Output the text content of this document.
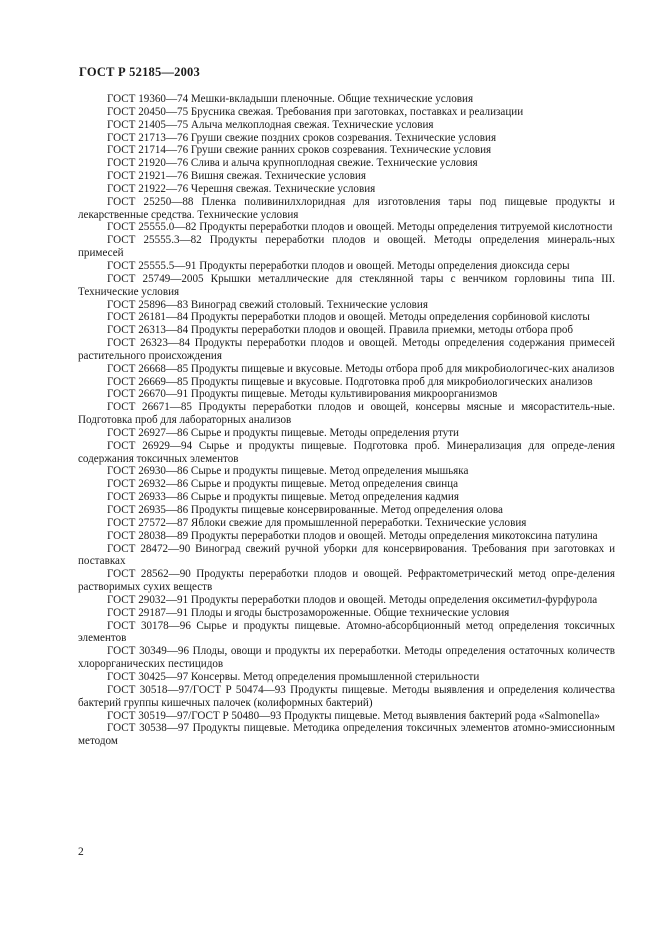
ГОСТ Р 52185—2003

ГОСТ 19360—74 Мешки-вкладыши пленочные. Общие технические условия

ГОСТ 20450—75 Брусника свежая. Требования при заготовках, поставках и реализации

ГОСТ 21405—75 Алыча мелкоплодная свежая. Технические условия

ГОСТ 21713—76 Груши свежие поздних сроков созревания. Технические условия

ГОСТ 21714—76 Груши свежие ранних сроков созревания. Технические условия

ГОСТ 21920—76 Слива и алыча крупноплодная свежие. Технические условия

ГОСТ 21921—76 Вишня свежая. Технические условия

ГОСТ 21922—76 Черешня свежая. Технические условия

ГОСТ 25250—88 Пленка поливинилхлоридная для изготовления тары под пищевые продукты и лекарственные средства. Технические условия

ГОСТ 25555.0—82 Продукты переработки плодов и овощей. Методы определения титруемой кислотности

ГОСТ 25555.3—82 Продукты переработки плодов и овощей. Методы определения минераль-ных примесей

ГОСТ 25555.5—91 Продукты переработки плодов и овощей. Методы определения диоксида серы

ГОСТ 25749—2005 Крышки металлические для стеклянной тары с венчиком горловины типа III. Технические условия

ГОСТ 25896—83 Виноград свежий столовый. Технические условия

ГОСТ 26181—84 Продукты переработки плодов и овощей. Методы определения сорбиновой кислоты

ГОСТ 26313—84 Продукты переработки плодов и овощей. Правила приемки, методы отбора проб

ГОСТ 26323—84 Продукты переработки плодов и овощей. Методы определения содержания примесей растительного происхождения

ГОСТ 26668—85 Продукты пищевые и вкусовые. Методы отбора проб для микробиологичес-ких анализов

ГОСТ 26669—85 Продукты пищевые и вкусовые. Подготовка проб для микробиологических анализов

ГОСТ 26670—91 Продукты пищевые. Методы культивирования микроорганизмов

ГОСТ 26671—85 Продукты переработки плодов и овощей, консервы мясные и мясораститель-ные. Подготовка проб для лабораторных анализов

ГОСТ 26927—86 Сырье и продукты пищевые. Методы определения ртути

ГОСТ 26929—94 Сырье и продукты пищевые. Подготовка проб. Минерализация для опреде-ления содержания токсичных элементов

ГОСТ 26930—86 Сырье и продукты пищевые. Метод определения мышьяка

ГОСТ 26932—86 Сырье и продукты пищевые. Метод определения свинца

ГОСТ 26933—86 Сырье и продукты пищевые. Метод определения кадмия

ГОСТ 26935—86 Продукты пищевые консервированные. Метод определения олова

ГОСТ 27572—87 Яблоки свежие для промышленной переработки. Технические условия

ГОСТ 28038—89 Продукты переработки плодов и овощей. Методы определения микотоксина патулина

ГОСТ 28472—90 Виноград свежий ручной уборки для консервирования. Требования при заготовках и поставках

ГОСТ 28562—90 Продукты переработки плодов и овощей. Рефрактометрический метод опре-деления растворимых сухих веществ

ГОСТ 29032—91 Продукты переработки плодов и овощей. Методы определения оксиметил-фурфурола

ГОСТ 29187—91 Плоды и ягоды быстрозамороженные. Общие технические условия

ГОСТ 30178—96 Сырье и продукты пищевые. Атомно-абсорбционный метод определения токсичных элементов

ГОСТ 30349—96 Плоды, овощи и продукты их переработки. Методы определения остаточных количеств хлорорганических пестицидов

ГОСТ 30425—97 Консервы. Метод определения промышленной стерильности

ГОСТ 30518—97/ГОСТ Р 50474—93 Продукты пищевые. Методы выявления и определения количества бактерий группы кишечных палочек (колиформных бактерий)

ГОСТ 30519—97/ГОСТ Р 50480—93 Продукты пищевые. Метод выявления бактерий рода «Salmonella»

ГОСТ 30538—97 Продукты пищевые. Методика определения токсичных элементов атомно-эмиссионным методом

2
